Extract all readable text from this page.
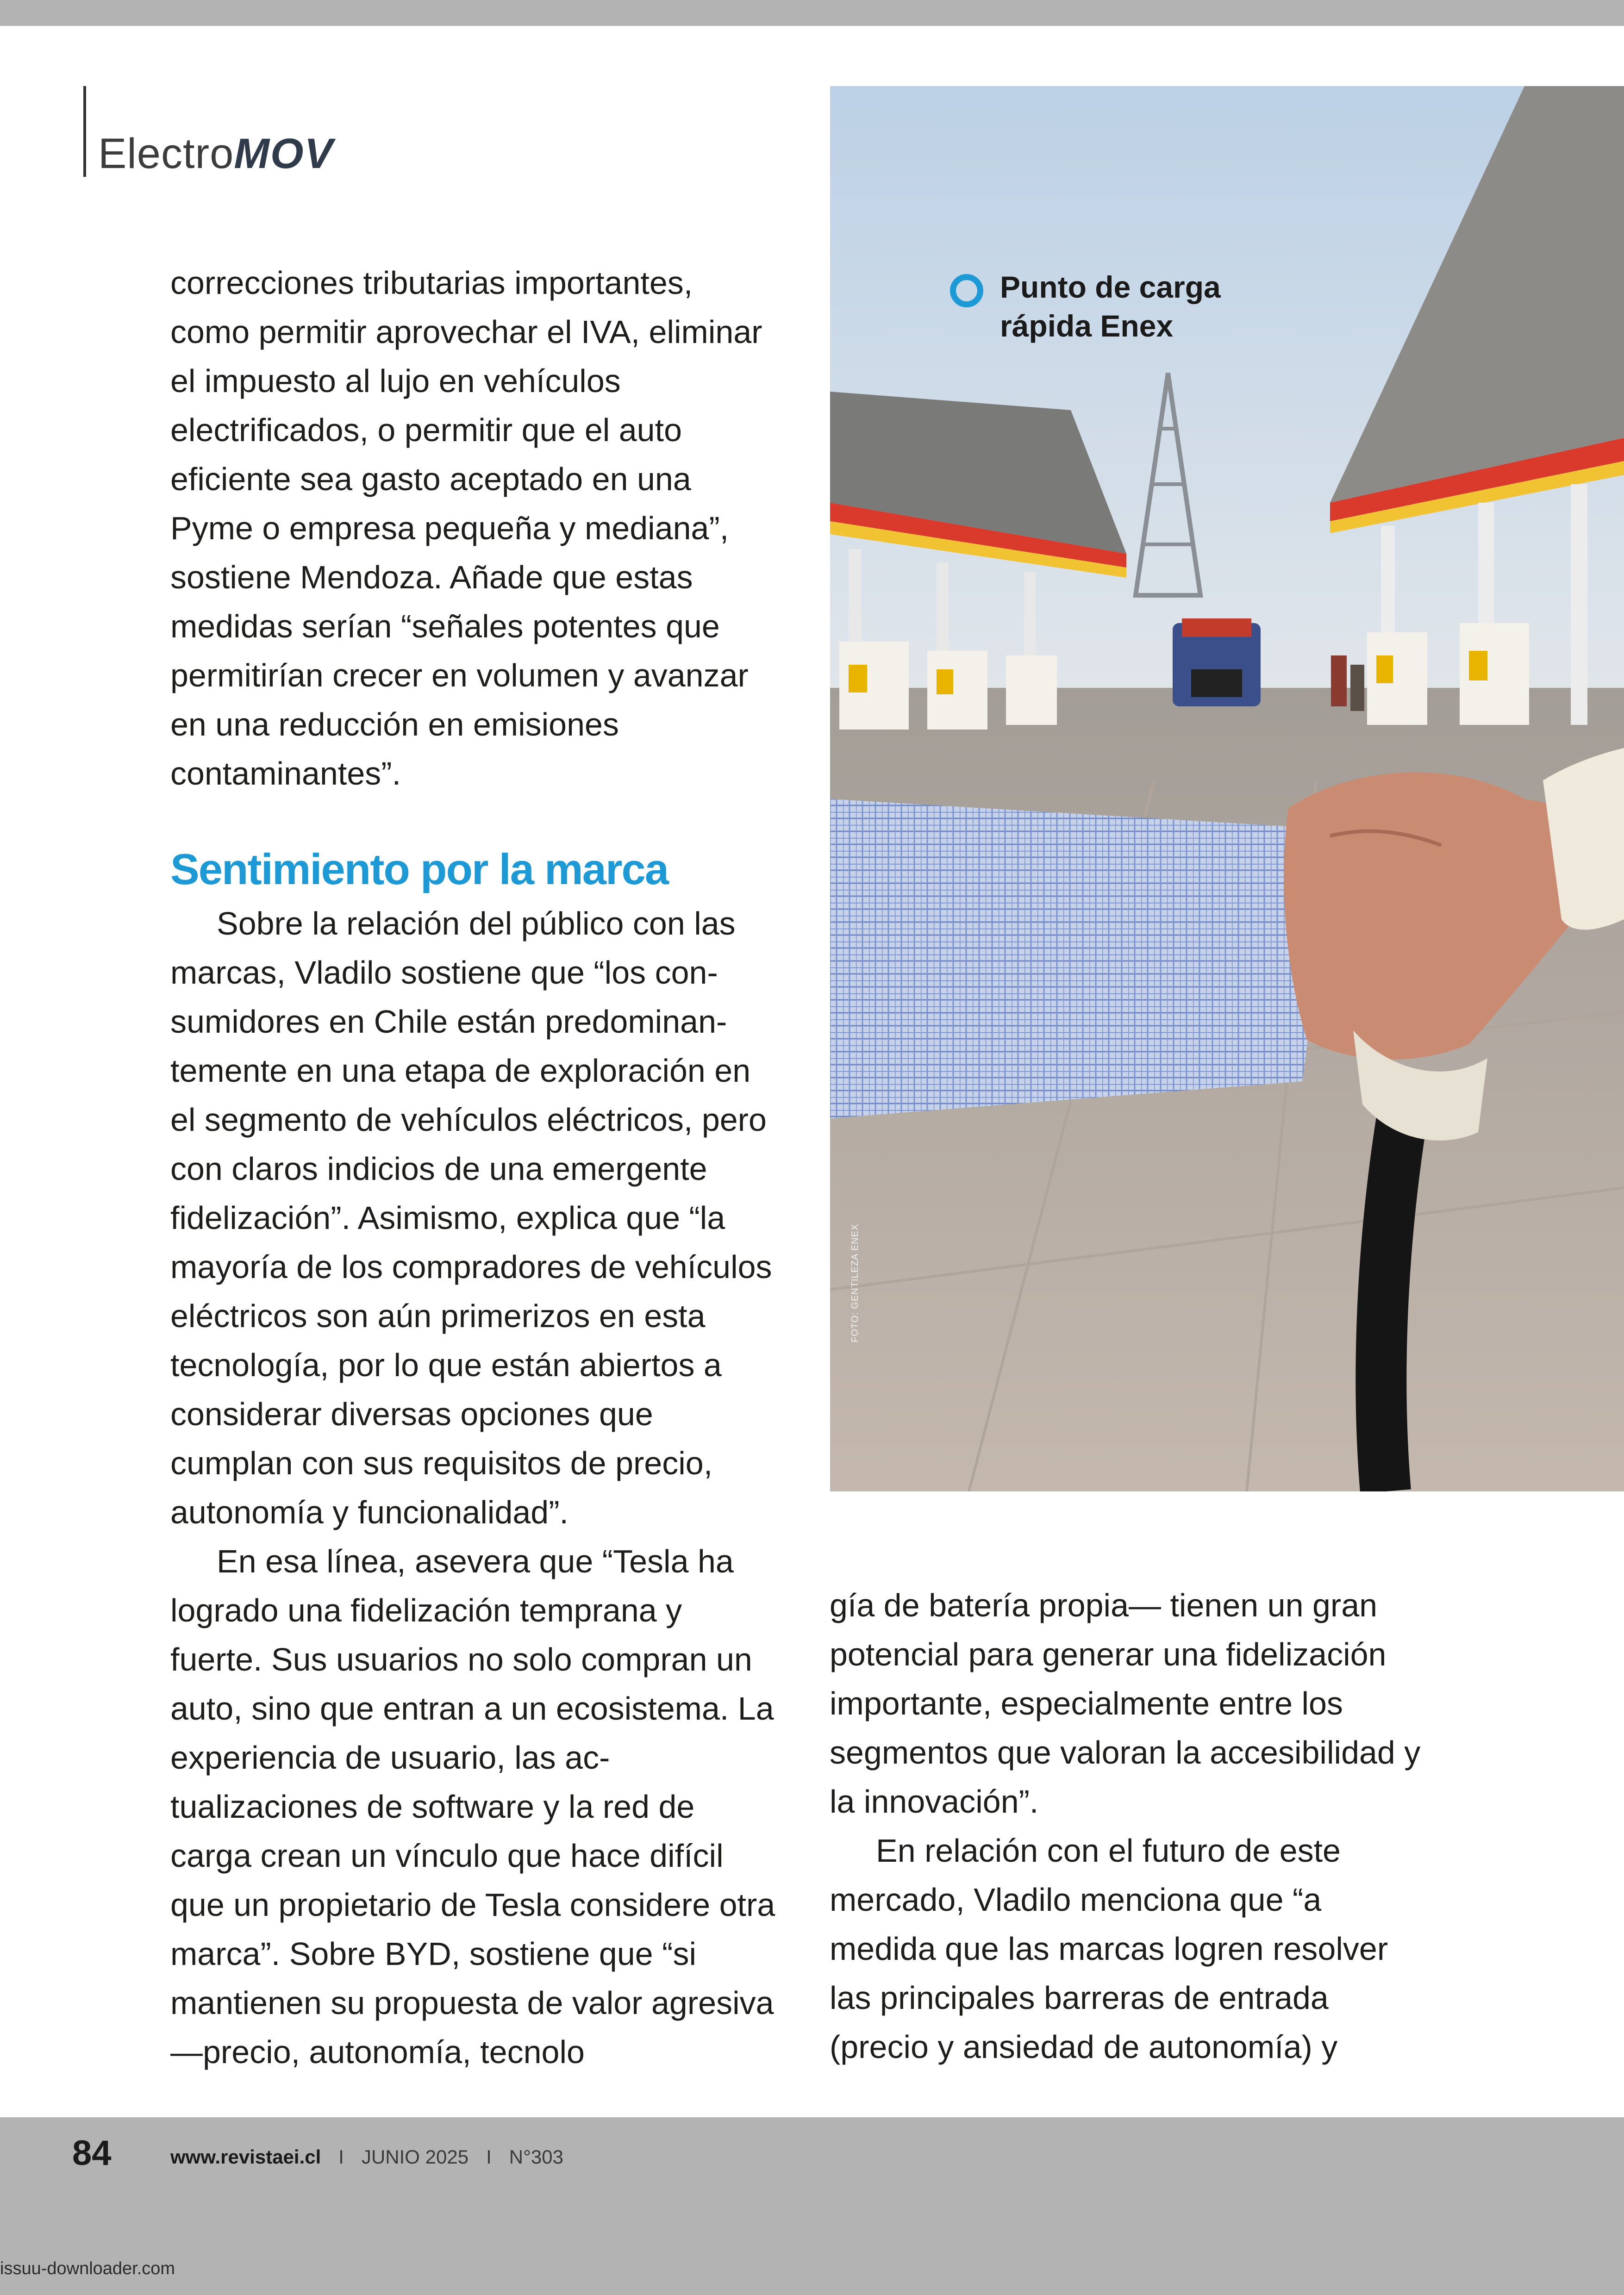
ElectroMOV

correcciones tributarias importantes, como permitir aprovechar el IVA, eliminar el impuesto al lujo en vehículos electrificados, o permitir que el auto eficiente sea gasto aceptado en una Pyme o empresa pequeña y mediana”, sostiene Mendoza. Añade que estas medidas serían “señales potentes que permitirían crecer en volumen y avanzar en una reducción en emisiones contaminantes”.

Sentimiento por la marca

Sobre la relación del público con las marcas, Vladilo sostiene que “los consumidores en Chile están predominantemente en una etapa de exploración en el segmento de vehículos eléctricos, pero con claros indicios de una emergente fidelización”. Asimismo, explica que “la mayoría de los compradores de vehículos eléctricos son aún primerizos en esta tecnología, por lo que están abiertos a considerar diversas opciones que cumplan con sus requisitos de precio, autonomía y funcionalidad”.

En esa línea, asevera que “Tesla ha logrado una fidelización temprana y fuerte. Sus usuarios no solo compran un auto, sino que entran a un ecosistema. La experiencia de usuario, las actualizaciones de software y la red de carga crean un vínculo que hace difícil que un propietario de Tesla considere otra marca”. Sobre BYD, sostiene que “si mantienen su propuesta de valor agresiva —precio, autonomía, tecnolo

Punto de carga rápida Enex
FOTO: GENTILEZA ENEX

gía de batería propia— tienen un gran potencial para generar una fidelización importante, especialmente entre los segmentos que valoran la accesibilidad y la innovación”.

En relación con el futuro de este mercado, Vladilo menciona que “a medida que las marcas logren resolver las principales barreras de entrada (precio y ansiedad de autonomía) y

84	www.revistaei.cl I JUNIO 2025 I N°303
issuu-downloader.com
